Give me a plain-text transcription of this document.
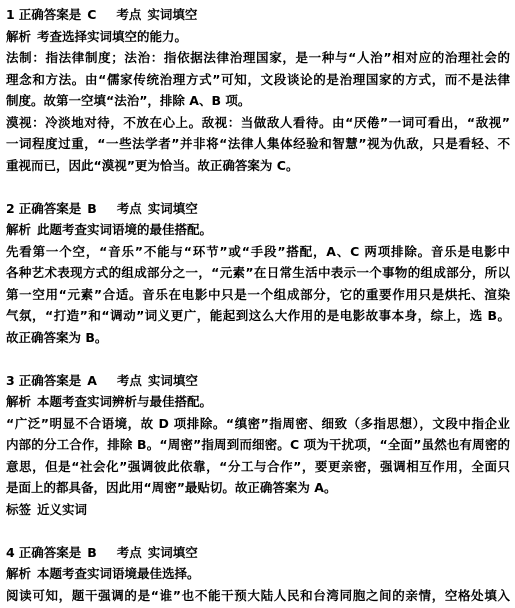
1 正确答案是 C 考点 实词填空
解析 考查选择实词填空的能力。
法制：指法律制度；法治：指依据法律治理国家，是一种与“人治”相对应的治理社会的
理念和方法。由“儒家传统治理方式”可知，文段谈论的是治理国家的方式，而不是法律
制度。故第一空填“法治”，排除 A、B 项。
漠视：冷淡地对待，不放在心上。敌视：当做敌人看待。由“厌倦”一词可看出，“敌视”
一词程度过重，“一些法学者”并非将“法律人集体经验和智慧”视为仇敌，只是看轻、不
重视而已，因此“漠视”更为恰当。故正确答案为 C。
2 正确答案是 B 考点 实词填空
解析 此题考查实词语境的最佳搭配。
先看第一个空，“音乐”不能与“环节”或“手段”搭配，A、C 两项排除。音乐是电影中
各种艺术表现方式的组成部分之一，“元素”在日常生活中表示一个事物的组成部分，所以
第一空用“元素”合适。音乐在电影中只是一个组成部分，它的重要作用只是烘托、渲染
气氛，“打造”和“调动”词义更广，能起到这么大作用的是电影故事本身，综上，选 B。
故正确答案为 B。
3 正确答案是 A 考点 实词填空
解析 本题考查实词辨析与最佳搭配。
“广泛”明显不合语境，故 D 项排除。“缜密”指周密、细致（多指思想），文段中指企业
内部的分工合作，排除 B。“周密”指周到而细密。C 项为干扰项，“全面”虽然也有周密的
意思，但是“社会化”强调彼此依靠，“分工与合作”，要更亲密，强调相互作用，全面只
是面上的都具备，因此用“周密”最贴切。故正确答案为 A。
标签 近义实词
4 正确答案是 B 考点 实词填空
解析 本题考查实词语境最佳选择。
阅读可知，题干强调的是“谁”也不能干预大陆人民和台湾同胞之间的亲情，空格处填入
